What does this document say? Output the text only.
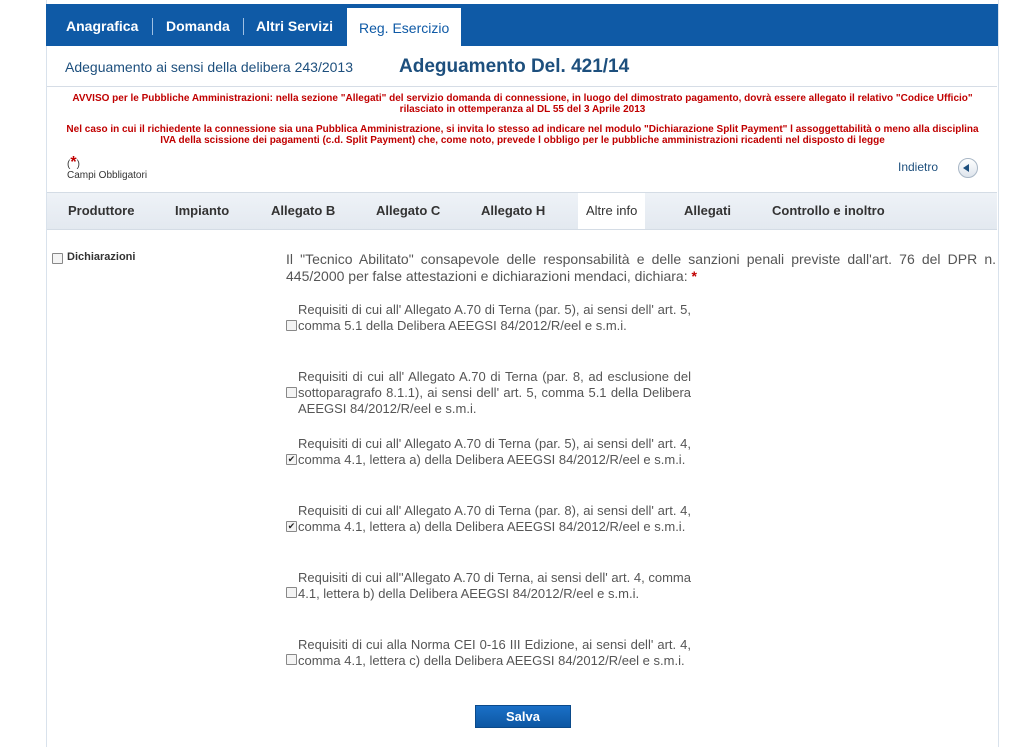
Anagrafica Domanda Altri Servizi	Reg. Esercizio
Adeguamento ai sensi della delibera 243/2013 Adeguamento Del. 421/14
AVVISO per le Pubbliche Amministrazioni: nella sezione "Allegati" del servizio domanda di connessione, in luogo del dimostrato pagamento, dovrà essere allegato il relativo "Codice Ufficio" rilasciato in ottemperanza al DL 55 del 3 Aprile 2013
Nel caso in cui il richiedente la connessione sia una Pubblica Amministrazione, si invita lo stesso ad indicare nel modulo "Dichiarazione Split Payment" l assoggettabilità o meno alla disciplina IVA della scissione dei pagamenti (c.d. Split Payment) che, come noto, prevede l obbligo per le pubbliche amministrazioni ricadenti nel disposto di legge
(*)
Campi Obbligatori
Indietro
Produttore	Impianto	Allegato B	Allegato C	Allegato H	Altre info	Allegati	Controllo e inoltro
Dichiarazioni	Il "Tecnico Abilitato" consapevole delle responsabilità e delle sanzioni penali previste dall'art. 76 del DPR n. 445/2000 per false attestazioni e dichiarazioni mendaci, dichiara: *
Requisiti di cui all' Allegato A.70 di Terna (par. 5), ai sensi dell' art. 5, comma 5.1 della Delibera AEEGSI 84/2012/R/eel e s.m.i.
Requisiti di cui all' Allegato A.70 di Terna (par. 8, ad esclusione del sottoparagrafo 8.1.1), ai sensi dell' art. 5, comma 5.1 della Delibera AEEGSI 84/2012/R/eel e s.m.i.
✔
Requisiti di cui all' Allegato A.70 di Terna (par. 5), ai sensi dell' art. 4, comma 4.1, lettera a) della Delibera AEEGSI 84/2012/R/eel e s.m.i.
✔
Requisiti di cui all' Allegato A.70 di Terna (par. 8), ai sensi dell' art. 4, comma 4.1, lettera a) della Delibera AEEGSI 84/2012/R/eel e s.m.i.
Requisiti di cui all''Allegato A.70 di Terna, ai sensi dell' art. 4, comma 4.1, lettera b) della Delibera AEEGSI 84/2012/R/eel e s.m.i.
Requisiti di cui alla Norma CEI 0-16 III Edizione, ai sensi dell' art. 4, comma 4.1, lettera c) della Delibera AEEGSI 84/2012/R/eel e s.m.i.
Salva
